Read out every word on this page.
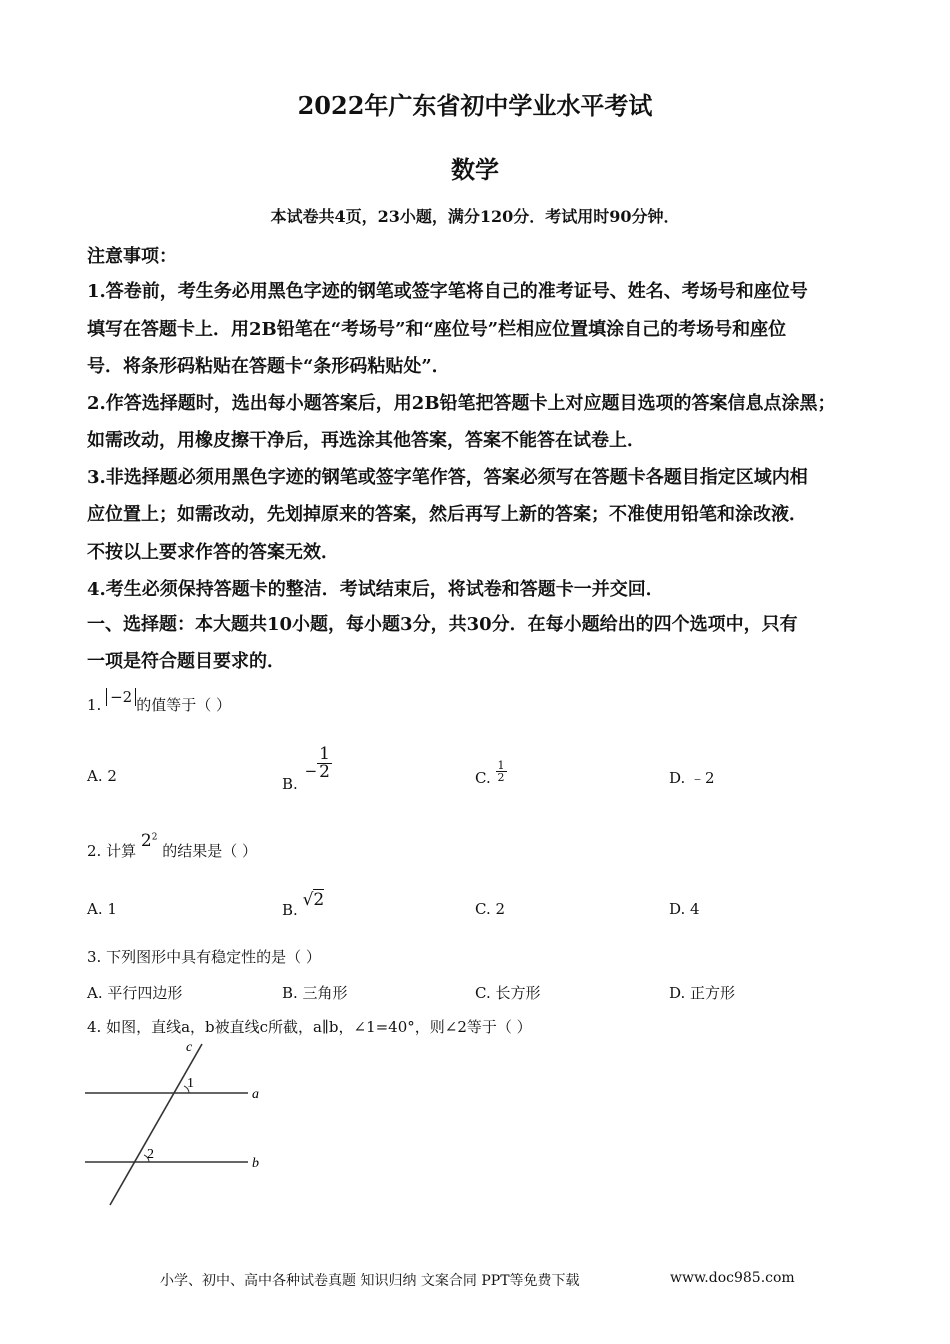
2022年广东省初中学业水平考试
数学
本试卷共4页，23小题，满分120分．考试用时90分钟．
注意事项：
1.答卷前，考生务必用黑色字迹的钢笔或签字笔将自己的准考证号、姓名、考场号和座位号
填写在答题卡上．用2B铅笔在“考场号”和“座位号”栏相应位置填涂自己的考场号和座位
号．将条形码粘贴在答题卡“条形码粘贴处”．
2.作答选择题时，选出每小题答案后，用2B铅笔把答题卡上对应题目选项的答案信息点涂黑；
如需改动，用橡皮擦干净后，再选涂其他答案，答案不能答在试卷上．
3.非选择题必须用黑色字迹的钢笔或签字笔作答，答案必须写在答题卡各题目指定区域内相
应位置上；如需改动，先划掉原来的答案，然后再写上新的答案；不准使用铅笔和涂改液．
不按以上要求作答的答案无效．
4.考生必须保持答题卡的整洁．考试结束后，将试卷和答题卡一并交回．
一、选择题：本大题共10小题，每小题3分，共30分．在每小题给出的四个选项中，只有
一项是符合题目要求的．
1. −2 的值等于（ ）
A. 2	B. − $\frac{1}{2}$	C. $\frac{1}{2}$	D. ﹣2
2. 计算 $2^2$ 的结果是（ ）
A. 1	B. √2	C. 2	D. 4
3. 下列图形中具有稳定性的是（ ）
A. 平行四边形	B. 三角形	C. 长方形	D. 正方形
4. 如图，直线a，b被直线c所截，a∥b，∠1=40°，则∠2等于（ ）
a
b
c
1
2
小学、初中、高中各种试卷真题 知识归纳 文案合同 PPT等免费下载	www.doc985.com
